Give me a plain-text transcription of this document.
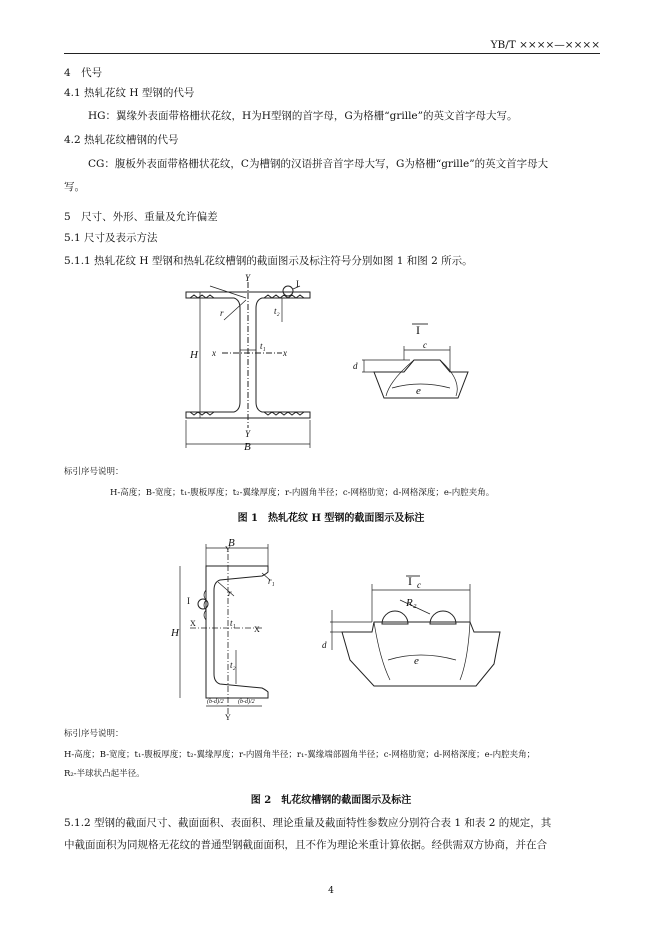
YB/T ××××—××××
4　代号
4.1 热轧花纹 H 型钢的代号
HG：翼缘外表面带格栅状花纹，H为H型钢的首字母，G为格栅“grille”的英文首字母大写。
4.2 热轧花纹槽钢的代号
CG：腹板外表面带格栅状花纹，C为槽钢的汉语拼音首字母大写，G为格栅“grille”的英文首字母大
写。
5　尺寸、外形、重量及允许偏差
5.1 尺寸及表示方法
5.1.1 热轧花纹 H 型钢和热轧花纹槽钢的截面图示及标注符号分别如图 1 和图 2 所示。
Y
Y
I
r	t₂
H x	x
t₁
B
I
c
d
e
标引序号说明：
H-高度；B-宽度；t₁-腹板厚度；t₂-翼缘厚度；r-内圆角半径；c-网格肋宽；d-网格深度；e-内腔夹角。
图 1　热轧花纹 H 型钢的截面图示及标注
B
r₁
r
I
H
X
X
t₁
t₂
Y
Y
(b-d)/2 (b-d)/2
I c
R₂
d
e
标引序号说明：
H-高度；B-宽度；t₁-腹板厚度；t₂-翼缘厚度；r-内圆角半径；r₁-翼缘端部圆角半径；c-网格肋宽；d-网格深度；e-内腔夹角；
R₂-半球状凸起半径。
图 2　轧花纹槽钢的截面图示及标注
5.1.2 型钢的截面尺寸、截面面积、表面积、理论重量及截面特性参数应分别符合表 1 和表 2 的规定，其
中截面面积为同规格无花纹的普通型钢截面面积，且不作为理论米重计算依据。经供需双方协商，并在合
4
